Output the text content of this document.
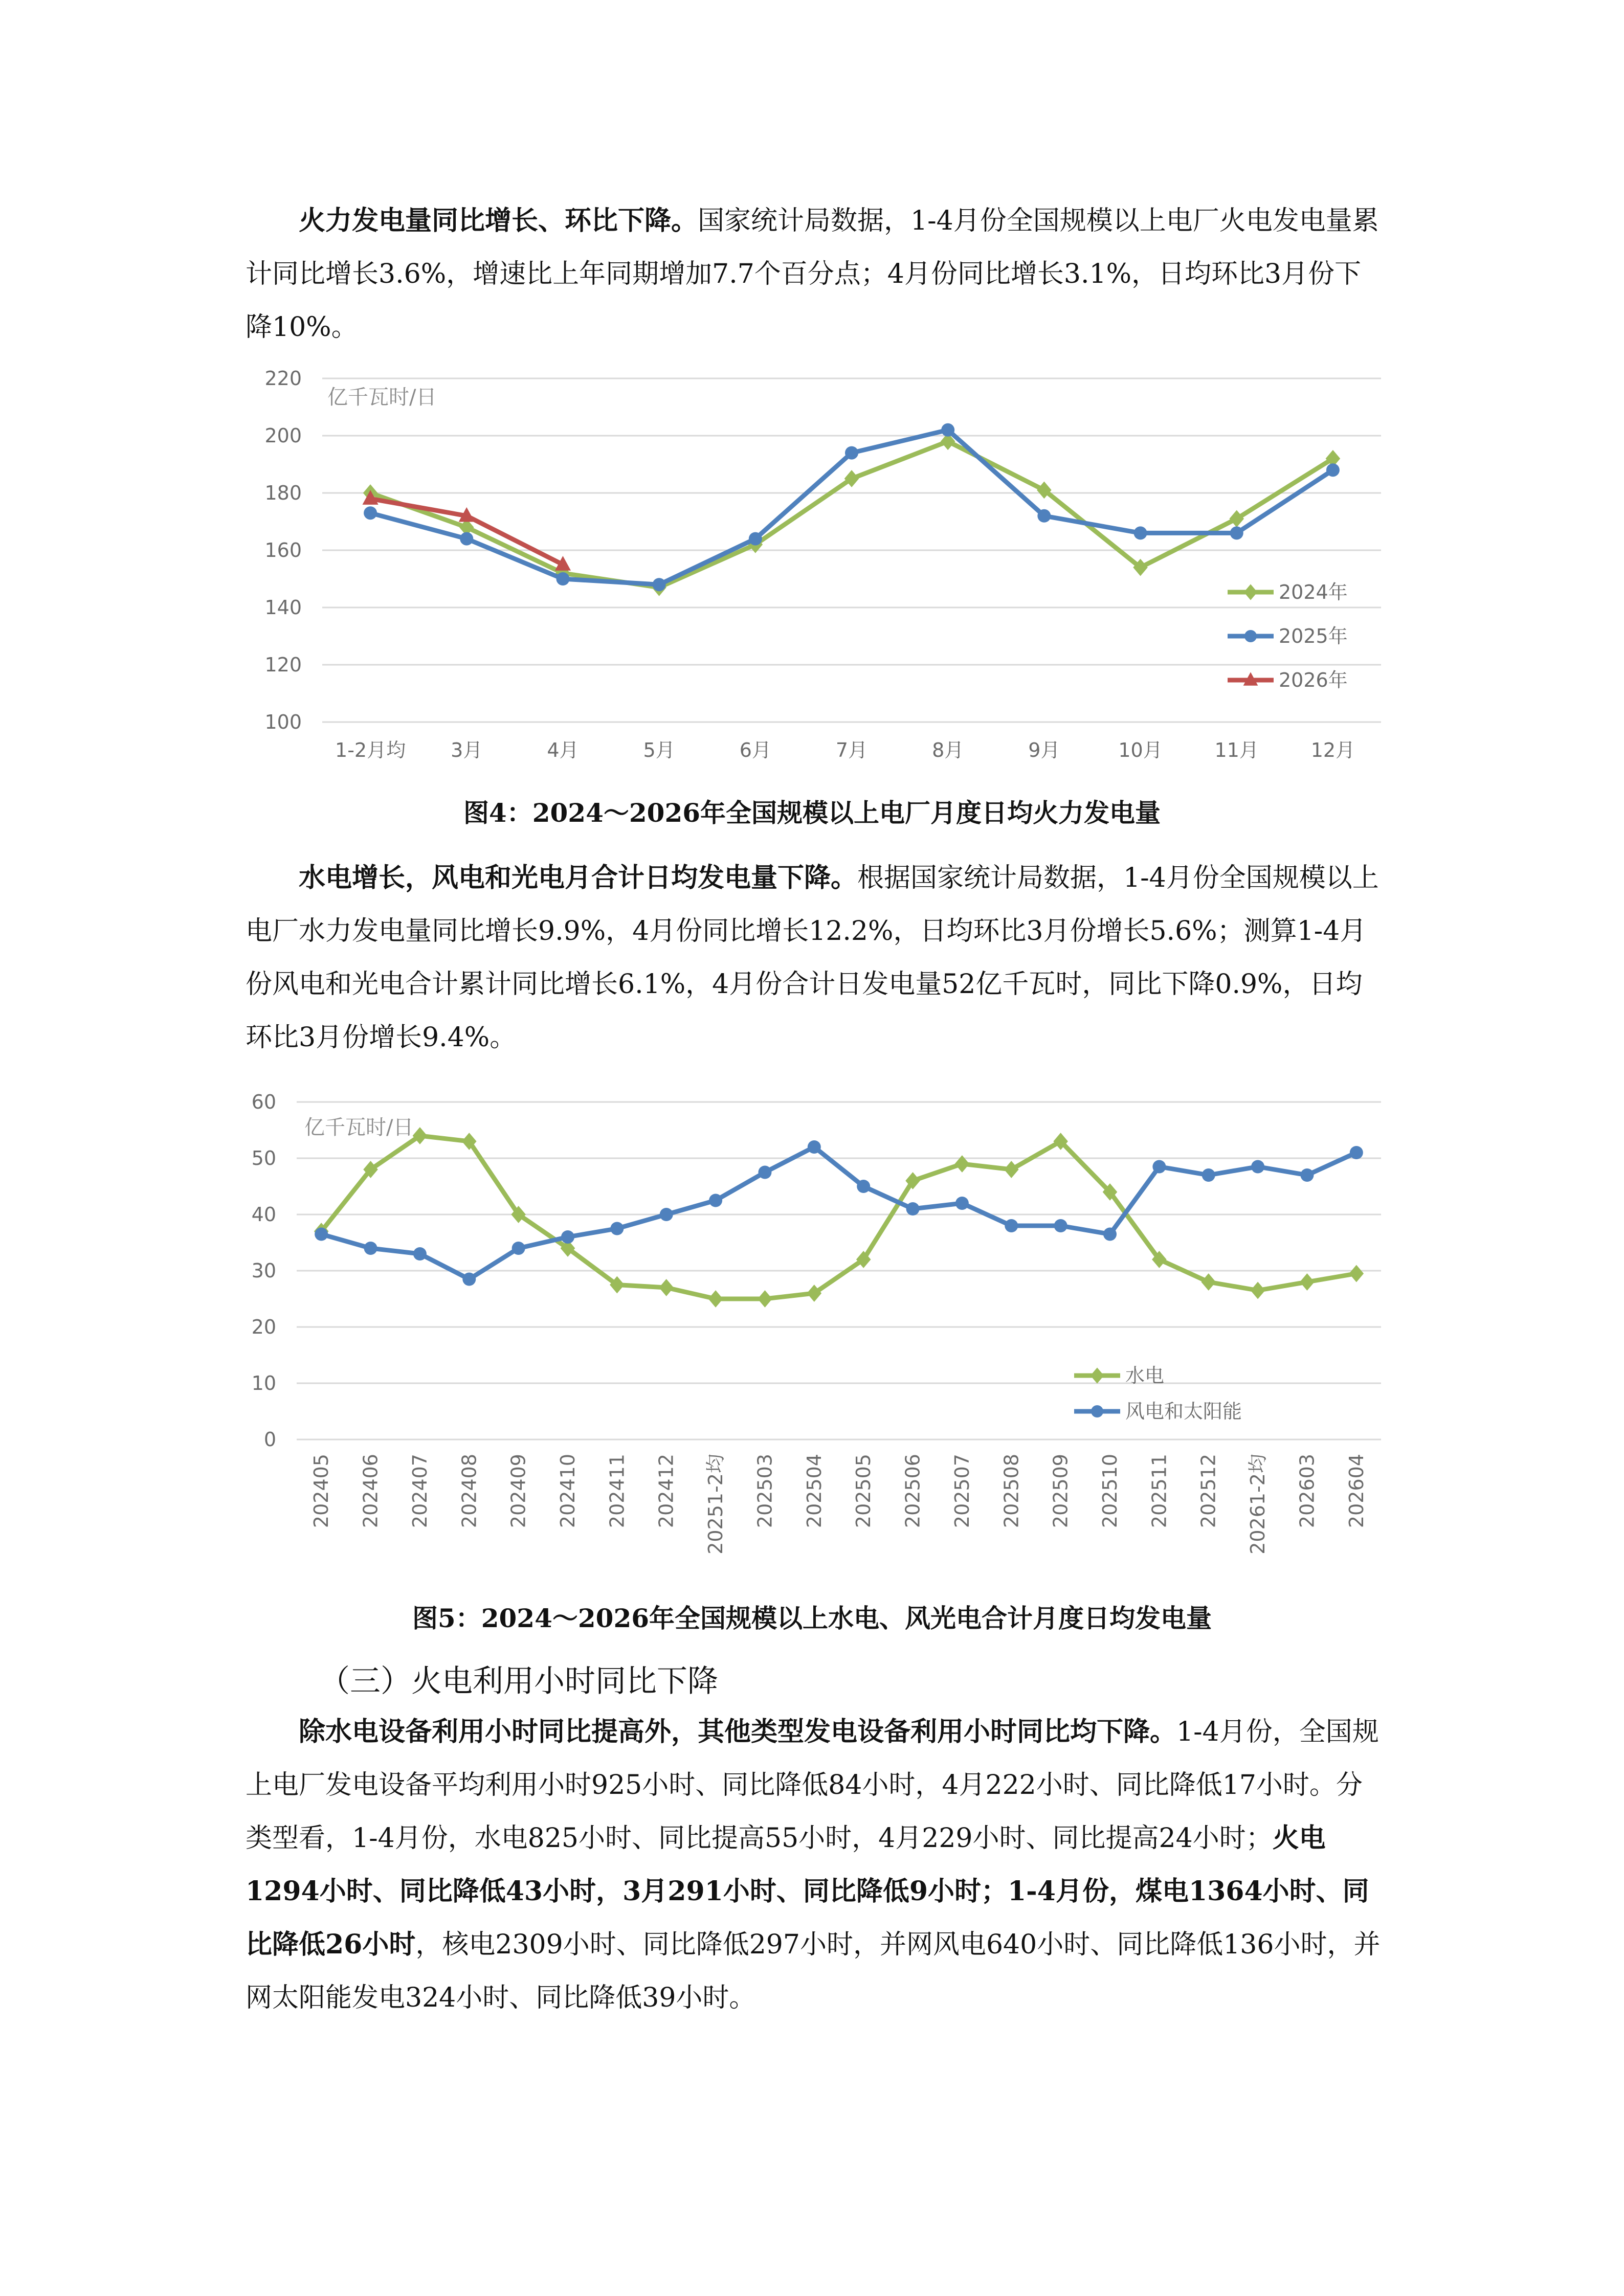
火力发电量同比增长、环比下降。国家统计局数据，1-4月份全国规模以上电厂火电发电量累计同比增长3.6%，增速比上年同期增加7.7个百分点；4月份同比增长3.1%，日均环比3月份下降10%。

100
120
140
160
180
200
220
亿千瓦时/日
1-2月均 3月	4月	5月	6月	7月	8月	9月	10月	11月	12月
2024年
2025年
2026年
图4：2024～2026年全国规模以上电厂月度日均火力发电量

水电增长，风电和光电月合计日均发电量下降。根据国家统计局数据，1-4月份全国规模以上电厂水力发电量同比增长9.9%，4月份同比增长12.2%，日均环比3月份增长5.6%；测算1-4月份风电和光电合计累计同比增长6.1%，4月份合计日发电量52亿千瓦时，同比下降0.9%，日均环比3月份增长9.4%。

0
10
20
30
40
50
60
亿千瓦时/日
202405 202406 202407 202408 202409 202410 202411 202412 20251-2均 202503 202504 202505 202506 202507 202508 202509 202510 202511 202512 20261-2均 202603 202604
水电
风电和太阳能
图5：2024～2026年全国规模以上水电、风光电合计月度日均发电量
（三）火电利用小时同比下降

除水电设备利用小时同比提高外，其他类型发电设备利用小时同比均下降。1-4月份，全国规上电厂发电设备平均利用小时925小时、同比降低84小时，4月222小时、同比降低17小时。分类型看，1-4月份，水电825小时、同比提高55小时，4月229小时、同比提高24小时；火电1294小时、同比降低43小时，3月291小时、同比降低9小时；1-4月份，煤电1364小时、同比降低26小时，核电2309小时、同比降低297小时，并网风电640小时、同比降低136小时，并网太阳能发电324小时、同比降低39小时。
